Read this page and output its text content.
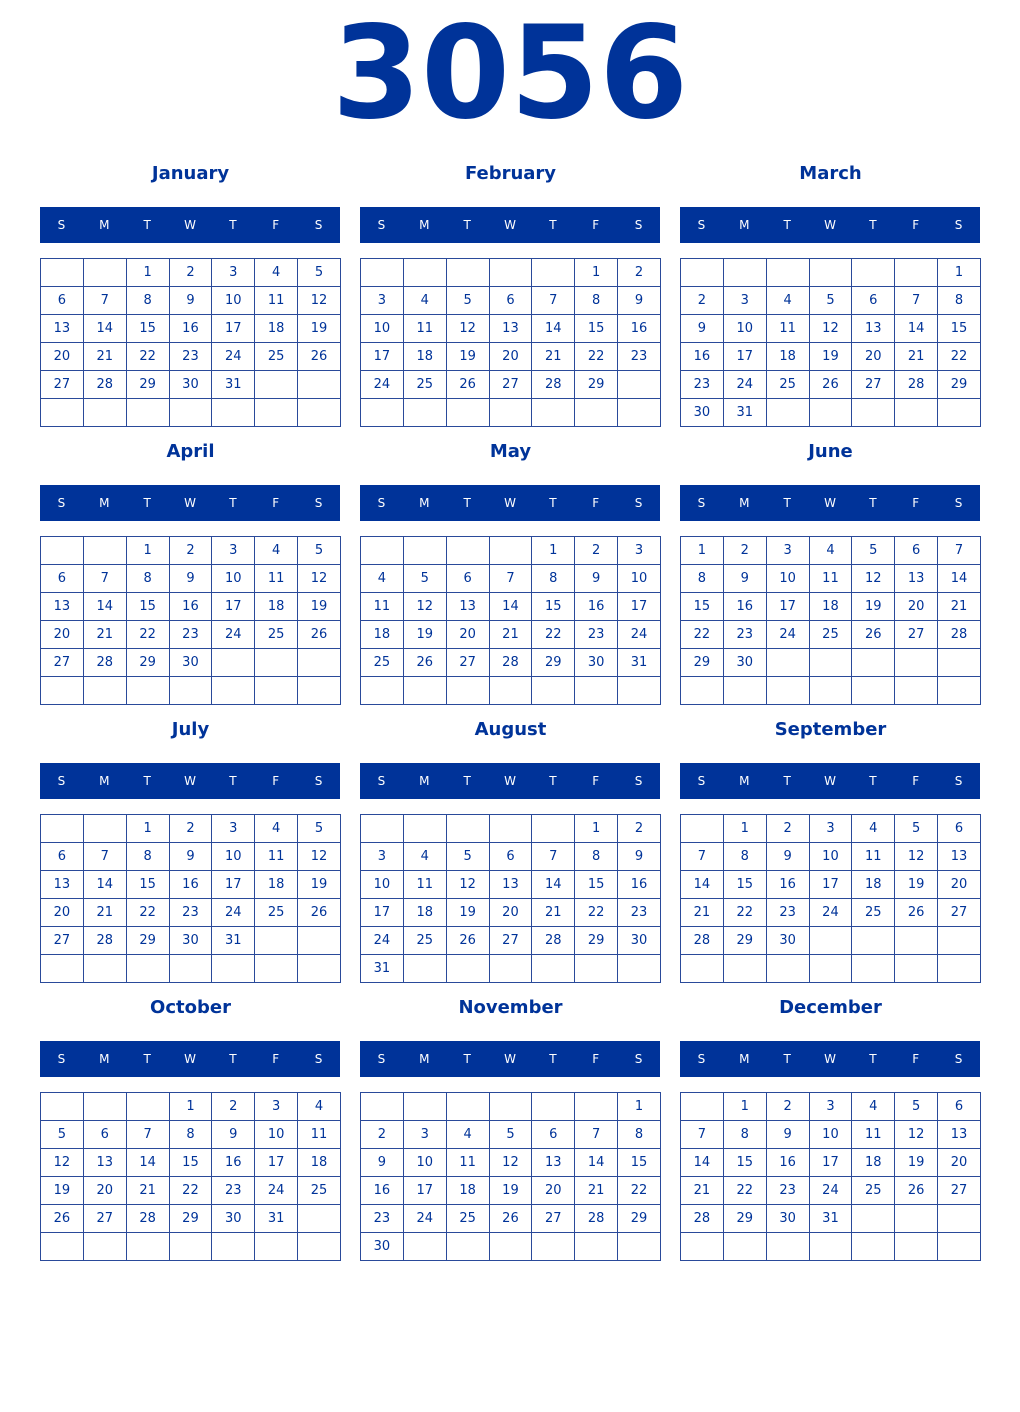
3056
January
S	M	T	W	T	F	S
		1	2	3	4	5
6	7	8	9	10	11	12
13	14	15	16	17	18	19
20	21	22	23	24	25	26
27	28	29	30	31		

February
S	M	T	W	T	F	S
					1	2
3	4	5	6	7	8	9
10	11	12	13	14	15	16
17	18	19	20	21	22	23
24	25	26	27	28	29	

March
S	M	T	W	T	F	S
						1
2	3	4	5	6	7	8
9	10	11	12	13	14	15
16	17	18	19	20	21	22
23	24	25	26	27	28	29
30	31					
April
S	M	T	W	T	F	S
		1	2	3	4	5
6	7	8	9	10	11	12
13	14	15	16	17	18	19
20	21	22	23	24	25	26
27	28	29	30			

May
S	M	T	W	T	F	S
				1	2	3
4	5	6	7	8	9	10
11	12	13	14	15	16	17
18	19	20	21	22	23	24
25	26	27	28	29	30	31

June
S	M	T	W	T	F	S
1	2	3	4	5	6	7
8	9	10	11	12	13	14
15	16	17	18	19	20	21
22	23	24	25	26	27	28
29	30					

July
S	M	T	W	T	F	S
		1	2	3	4	5
6	7	8	9	10	11	12
13	14	15	16	17	18	19
20	21	22	23	24	25	26
27	28	29	30	31		

August
S	M	T	W	T	F	S
					1	2
3	4	5	6	7	8	9
10	11	12	13	14	15	16
17	18	19	20	21	22	23
24	25	26	27	28	29	30
31						
September
S	M	T	W	T	F	S
	1	2	3	4	5	6
7	8	9	10	11	12	13
14	15	16	17	18	19	20
21	22	23	24	25	26	27
28	29	30				

October
S	M	T	W	T	F	S
			1	2	3	4
5	6	7	8	9	10	11
12	13	14	15	16	17	18
19	20	21	22	23	24	25
26	27	28	29	30	31	

November
S	M	T	W	T	F	S
						1
2	3	4	5	6	7	8
9	10	11	12	13	14	15
16	17	18	19	20	21	22
23	24	25	26	27	28	29
30						
December
S	M	T	W	T	F	S
	1	2	3	4	5	6
7	8	9	10	11	12	13
14	15	16	17	18	19	20
21	22	23	24	25	26	27
28	29	30	31			
